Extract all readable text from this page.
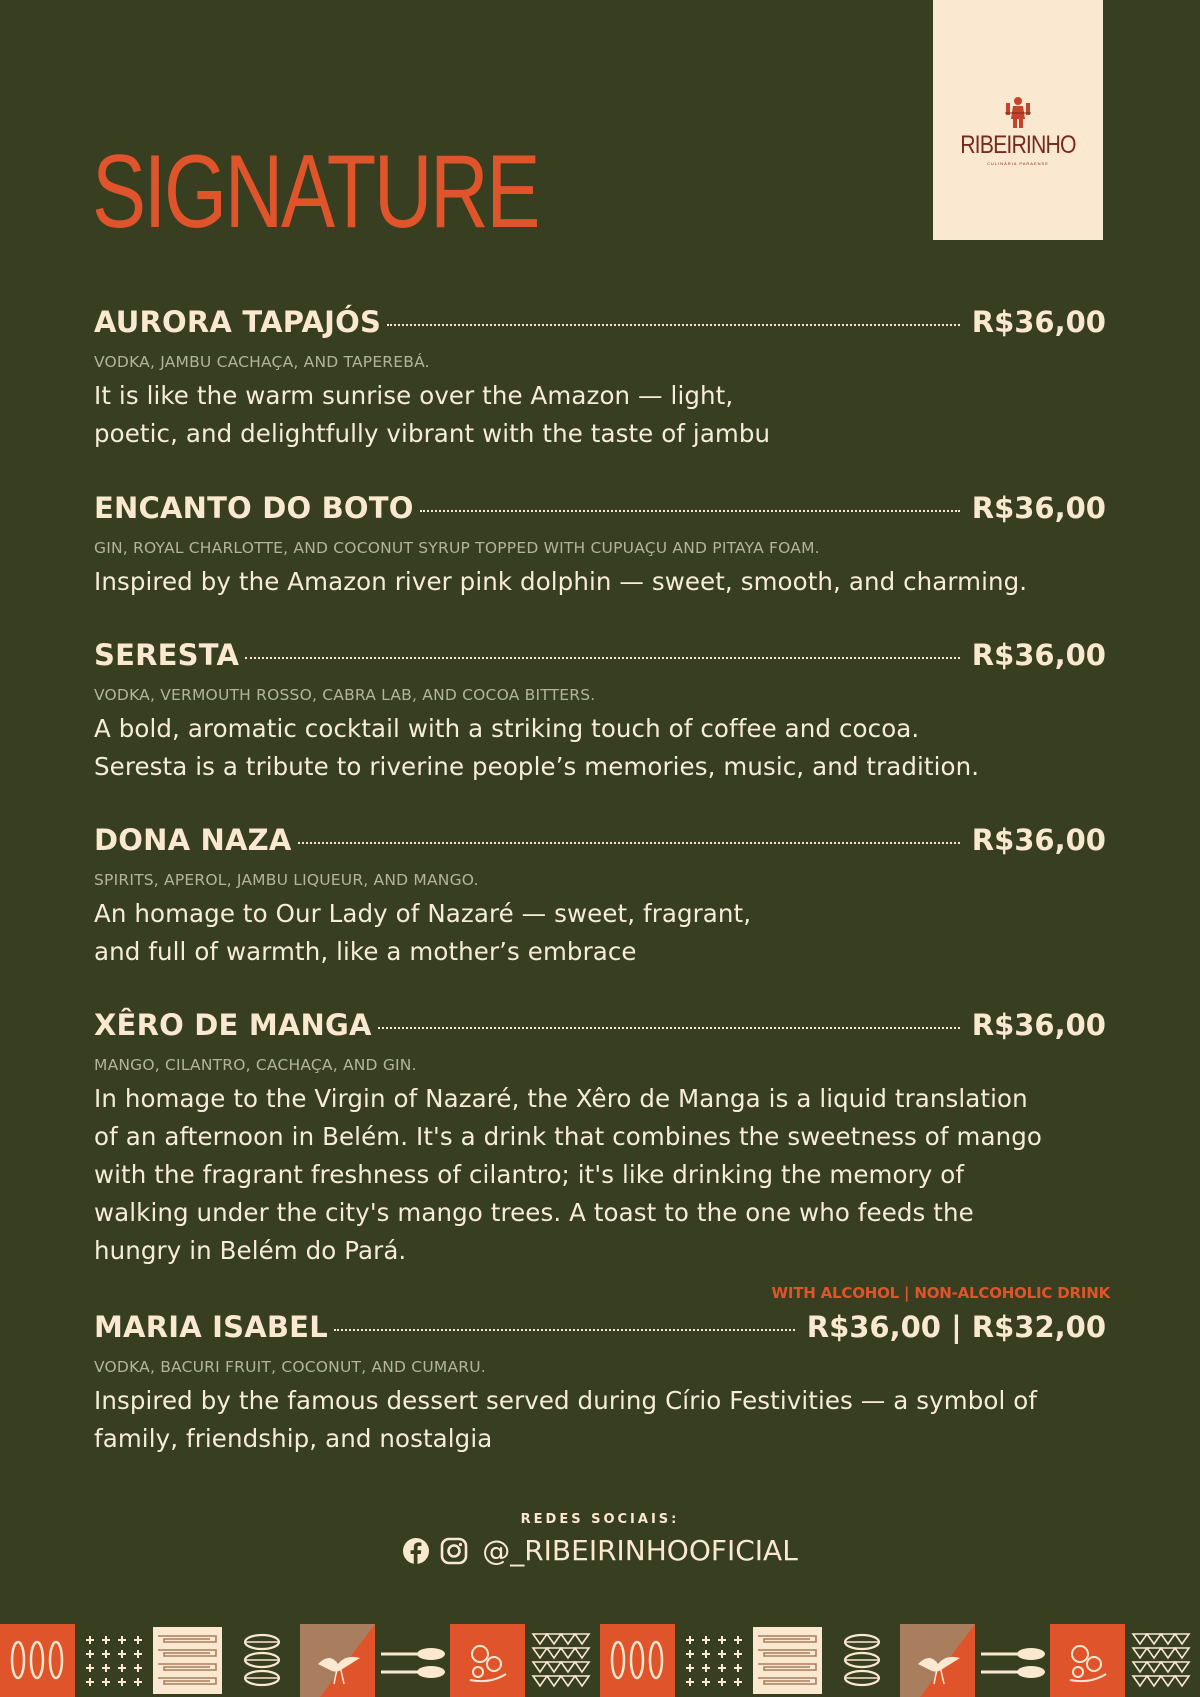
SIGNATURE	RIBEIRINHO
CULINÁRIA PARAENSE
AURORA TAPAJÓS	R$36,00
VODKA, JAMBU CACHAÇA, AND TAPEREBÁ.
It is like the warm sunrise over the Amazon — light,
poetic, and delightfully vibrant with the taste of jambu
ENCANTO DO BOTO	R$36,00
GIN, ROYAL CHARLOTTE, AND COCONUT SYRUP TOPPED WITH CUPUAÇU AND PITAYA FOAM.
Inspired by the Amazon river pink dolphin — sweet, smooth, and charming.
SERESTA	R$36,00
VODKA, VERMOUTH ROSSO, CABRA LAB, AND COCOA BITTERS.
A bold, aromatic cocktail with a striking touch of coffee and cocoa.
Seresta is a tribute to riverine people’s memories, music, and tradition.
DONA NAZA	R$36,00
SPIRITS, APEROL, JAMBU LIQUEUR, AND MANGO.
An homage to Our Lady of Nazaré — sweet, fragrant,
and full of warmth, like a mother’s embrace
XÊRO DE MANGA	R$36,00
MANGO, CILANTRO, CACHAÇA, AND GIN.
In homage to the Virgin of Nazaré, the Xêro de Manga is a liquid translation
of an afternoon in Belém. It's a drink that combines the sweetness of mango
with the fragrant freshness of cilantro; it's like drinking the memory of
walking under the city's mango trees. A toast to the one who feeds the
hungry in Belém do Pará.
WITH ALCOHOL | NON-ALCOHOLIC DRINK
MARIA ISABEL	R$36,00 | R$32,00
VODKA, BACURI FRUIT, COCONUT, AND CUMARU.
Inspired by the famous dessert served during Círio Festivities — a symbol of
family, friendship, and nostalgia
REDES SOCIAIS:
@_RIBEIRINHOOFICIAL
